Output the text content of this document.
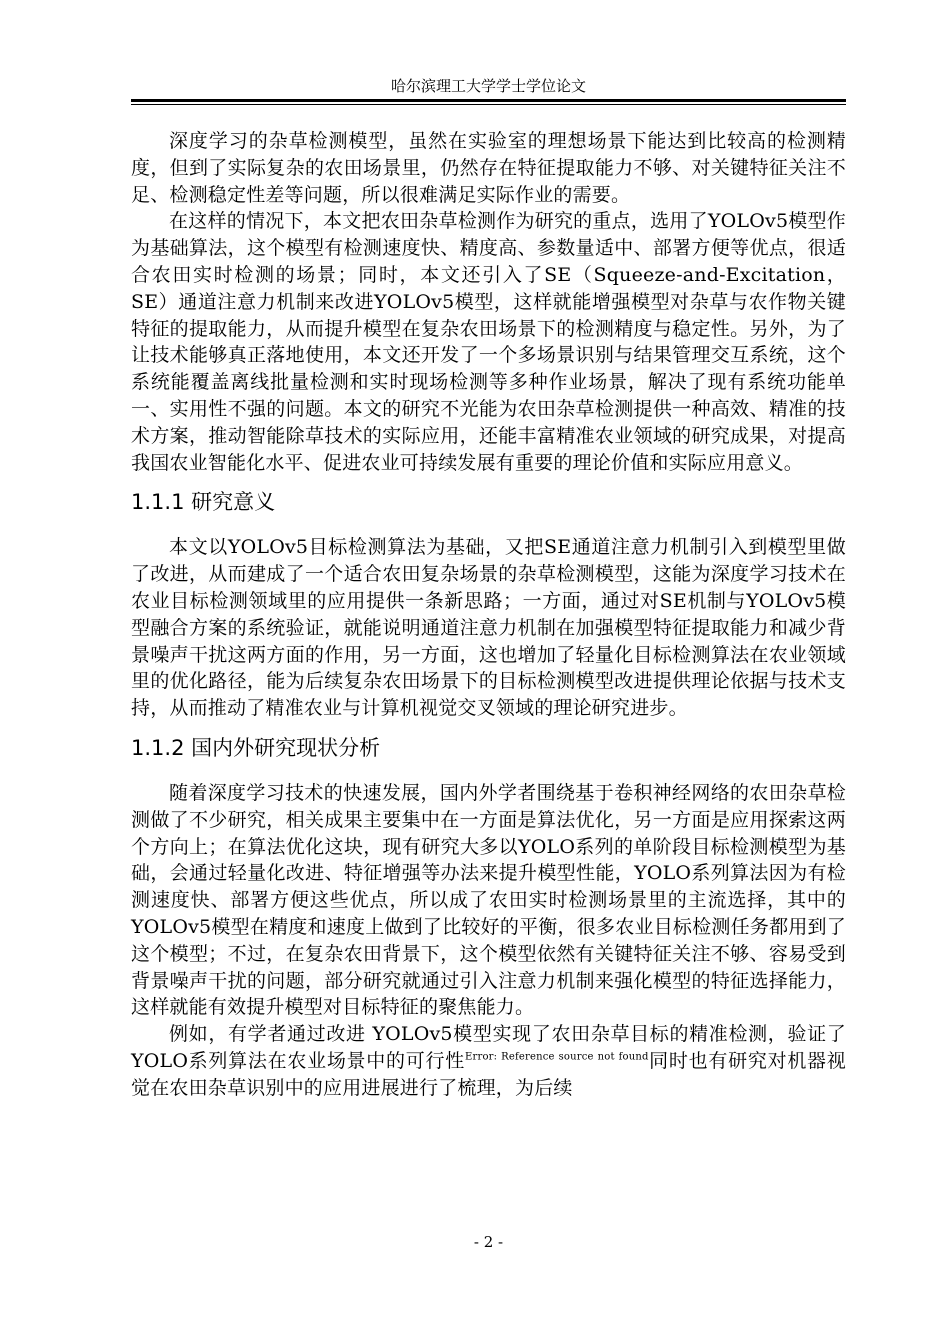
哈尔滨理工大学学士学位论文

深度学习的杂草检测模型，虽然在实验室的理想场景下能达到比较高的检测精度，但到了实际复杂的农田场景里，仍然存在特征提取能力不够、对关键特征关注不足、检测稳定性差等问题，所以很难满足实际作业的需要。

在这样的情况下，本文把农田杂草检测作为研究的重点，选用了YOLOv5模型作为基础算法，这个模型有检测速度快、精度高、参数量适中、部署方便等优点，很适合农田实时检测的场景；同时，本文还引入了SE（Squeeze-and-Excitation，SE）通道注意力机制来改进YOLOv5模型，这样就能增强模型对杂草与农作物关键特征的提取能力，从而提升模型在复杂农田场景下的检测精度与稳定性。另外，为了让技术能够真正落地使用，本文还开发了一个多场景识别与结果管理交互系统，这个系统能覆盖离线批量检测和实时现场检测等多种作业场景，解决了现有系统功能单一、实用性不强的问题。本文的研究不光能为农田杂草检测提供一种高效、精准的技术方案，推动智能除草技术的实际应用，还能丰富精准农业领域的研究成果，对提高我国农业智能化水平、促进农业可持续发展有重要的理论价值和实际应用意义。

1.1.1 研究意义

本文以YOLOv5目标检测算法为基础，又把SE通道注意力机制引入到模型里做了改进，从而建成了一个适合农田复杂场景的杂草检测模型，这能为深度学习技术在农业目标检测领域里的应用提供一条新思路；一方面，通过对SE机制与YOLOv5模型融合方案的系统验证，就能说明通道注意力机制在加强模型特征提取能力和减少背景噪声干扰这两方面的作用，另一方面，这也增加了轻量化目标检测算法在农业领域里的优化路径，能为后续复杂农田场景下的目标检测模型改进提供理论依据与技术支持，从而推动了精准农业与计算机视觉交叉领域的理论研究进步。

1.1.2 国内外研究现状分析

随着深度学习技术的快速发展，国内外学者围绕基于卷积神经网络的农田杂草检测做了不少研究，相关成果主要集中在一方面是算法优化，另一方面是应用探索这两个方向上；在算法优化这块，现有研究大多以YOLO系列的单阶段目标检测模型为基础，会通过轻量化改进、特征增强等办法来提升模型性能，YOLO系列算法因为有检测速度快、部署方便这些优点，所以成了农田实时检测场景里的主流选择，其中的YOLOv5模型在精度和速度上做到了比较好的平衡，很多农业目标检测任务都用到了这个模型；不过，在复杂农田背景下，这个模型依然有关键特征关注不够、容易受到背景噪声干扰的问题，部分研究就通过引入注意力机制来强化模型的特征选择能力，这样就能有效提升模型对目标特征的聚焦能力。

例如，有学者通过改进 YOLOv5模型实现了农田杂草目标的精准检测，验证了 YOLO系列算法在农业场景中的可行性$^{Error: Reference source not found}$同时也有研究对机器视觉在农田杂草识别中的应用进展进行了梳理，为后续

- 2 -
